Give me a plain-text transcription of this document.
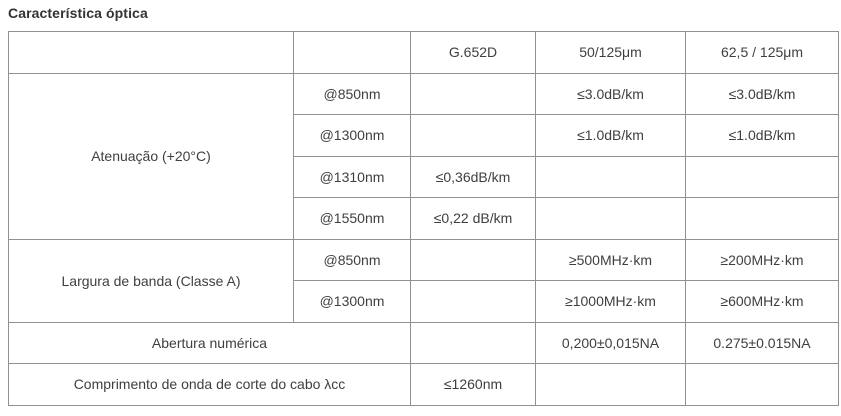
Característica óptica
		G.652D	50/125μm	62,5 / 125μm
Atenuação (+20°C)	@850nm		≤3.0dB/km	≤3.0dB/km
	@1300nm		≤1.0dB/km	≤1.0dB/km
	@1310nm	≤0,36dB/km		
	@1550nm	≤0,22 dB/km		
Largura de banda (Classe A)	@850nm		≥500MHz·km	≥200MHz·km
	@1300nm		≥1000MHz·km	≥600MHz·km
Abertura numérica			0,200±0,015NA	0.275±0.015NA
Comprimento de onda de corte do cabo λcc		≤1260nm		
